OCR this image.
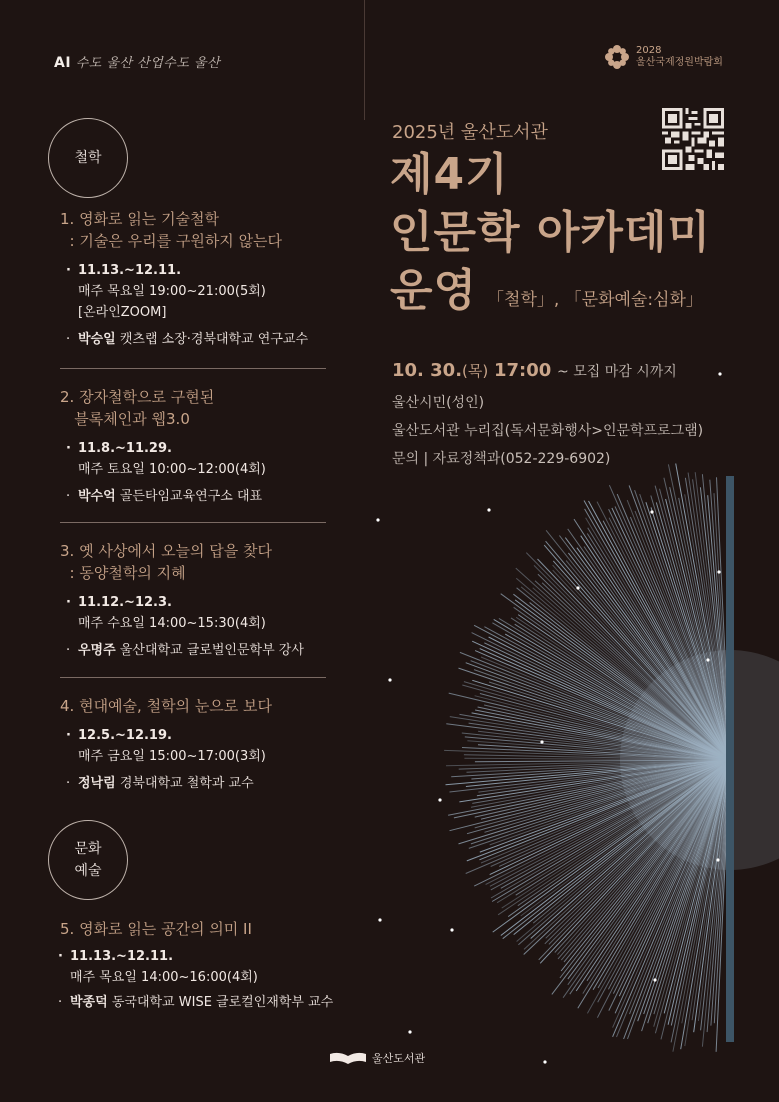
AI 수도 울산 산업수도 울산
2028
울산국제정원박람회
철학
문화
예술
1. 영화로 읽는 기술철학
: 기술은 우리를 구원하지 않는다
· 11.13.~12.11.
매주 목요일 19:00~21:00(5회)
[온라인ZOOM]
· 박승일 캣츠랩 소장·경북대학교 연구교수
2. 장자철학으로 구현된
블록체인과 웹3.0
· 11.8.~11.29.
매주 토요일 10:00~12:00(4회)
· 박수억 골든타임교육연구소 대표
3. 옛 사상에서 오늘의 답을 찾다
: 동양철학의 지혜
· 11.12.~12.3.
매주 수요일 14:00~15:30(4회)
· 우명주 울산대학교 글로벌인문학부 강사
4. 현대예술, 철학의 눈으로 보다
· 12.5.~12.19.
매주 금요일 15:00~17:00(3회)
· 정낙림 경북대학교 철학과 교수
5. 영화로 읽는 공간의 의미 II
· 11.13.~12.11.
매주 목요일 14:00~16:00(4회)
· 박종덕 동국대학교 WISE 글로컬인재학부 교수
2025년 울산도서관
제4기
인문학 아카데미
운영 「철학」, 「문화예술:심화」
10. 30.(목) 17:00 ~ 모집 마감 시까지
울산시민(성인)
울산도서관 누리집(독서문화행사>인문학프로그램)
문의 | 자료정책과(052-229-6902)
울산도서관
